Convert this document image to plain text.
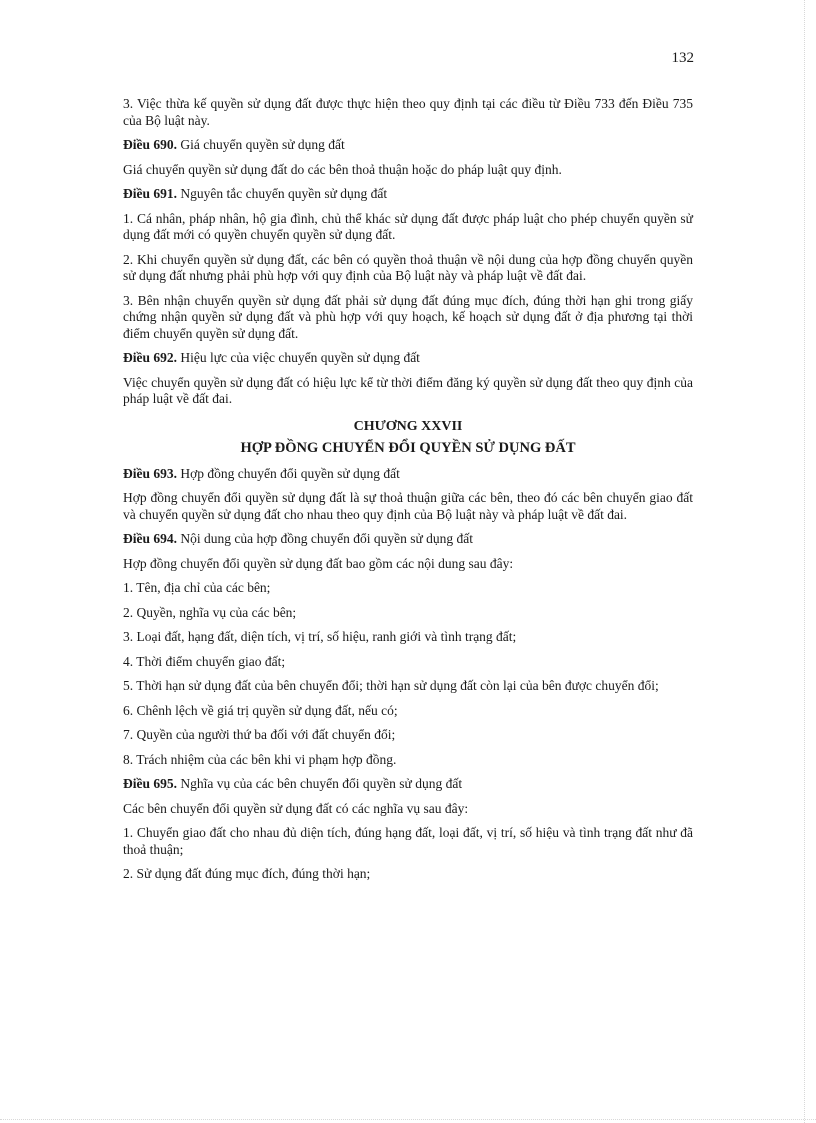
132

3. Việc thừa kế quyền sử dụng đất được thực hiện theo quy định tại các điều từ Điều 733 đến Điều 735 của Bộ luật này.

Điều 690. Giá chuyển quyền sử dụng đất

Giá chuyển quyền sử dụng đất do các bên thoả thuận hoặc do pháp luật quy định.

Điều 691. Nguyên tắc chuyển quyền sử dụng đất

1. Cá nhân, pháp nhân, hộ gia đình, chủ thể khác sử dụng đất được pháp luật cho phép chuyển quyền sử dụng đất mới có quyền chuyển quyền sử dụng đất.

2. Khi chuyển quyền sử dụng đất, các bên có quyền thoả thuận về nội dung của hợp đồng chuyển quyền sử dụng đất nhưng phải phù hợp với quy định của Bộ luật này và pháp luật về đất đai.

3. Bên nhận chuyển quyền sử dụng đất phải sử dụng đất đúng mục đích, đúng thời hạn ghi trong giấy chứng nhận quyền sử dụng đất và phù hợp với quy hoạch, kế hoạch sử dụng đất ở địa phương tại thời điểm chuyển quyền sử dụng đất.

Điều 692. Hiệu lực của việc chuyển quyền sử dụng đất

Việc chuyển quyền sử dụng đất có hiệu lực kể từ thời điểm đăng ký quyền sử dụng đất theo quy định của pháp luật về đất đai.

CHƯƠNG XXVII
HỢP ĐỒNG CHUYỂN ĐỔI QUYỀN SỬ DỤNG ĐẤT

Điều 693. Hợp đồng chuyển đổi quyền sử dụng đất

Hợp đồng chuyển đổi quyền sử dụng đất là sự thoả thuận giữa các bên, theo đó các bên chuyển giao đất và chuyển quyền sử dụng đất cho nhau theo quy định của Bộ luật này và pháp luật về đất đai.

Điều 694. Nội dung của hợp đồng chuyển đổi quyền sử dụng đất

Hợp đồng chuyển đổi quyền sử dụng đất bao gồm các nội dung sau đây:

1. Tên, địa chỉ của các bên;

2. Quyền, nghĩa vụ của các bên;

3. Loại đất, hạng đất, diện tích, vị trí, số hiệu, ranh giới và tình trạng đất;

4. Thời điểm chuyển giao đất;

5. Thời hạn sử dụng đất của bên chuyển đổi; thời hạn sử dụng đất còn lại của bên được chuyển đổi;

6. Chênh lệch về giá trị quyền sử dụng đất, nếu có;

7. Quyền của người thứ ba đối với đất chuyển đổi;

8. Trách nhiệm của các bên khi vi phạm hợp đồng.

Điều 695. Nghĩa vụ của các bên chuyển đổi quyền sử dụng đất

Các bên chuyển đổi quyền sử dụng đất có các nghĩa vụ sau đây:

1. Chuyển giao đất cho nhau đủ diện tích, đúng hạng đất, loại đất, vị trí, số hiệu và tình trạng đất như đã thoả thuận;

2. Sử dụng đất đúng mục đích, đúng thời hạn;
